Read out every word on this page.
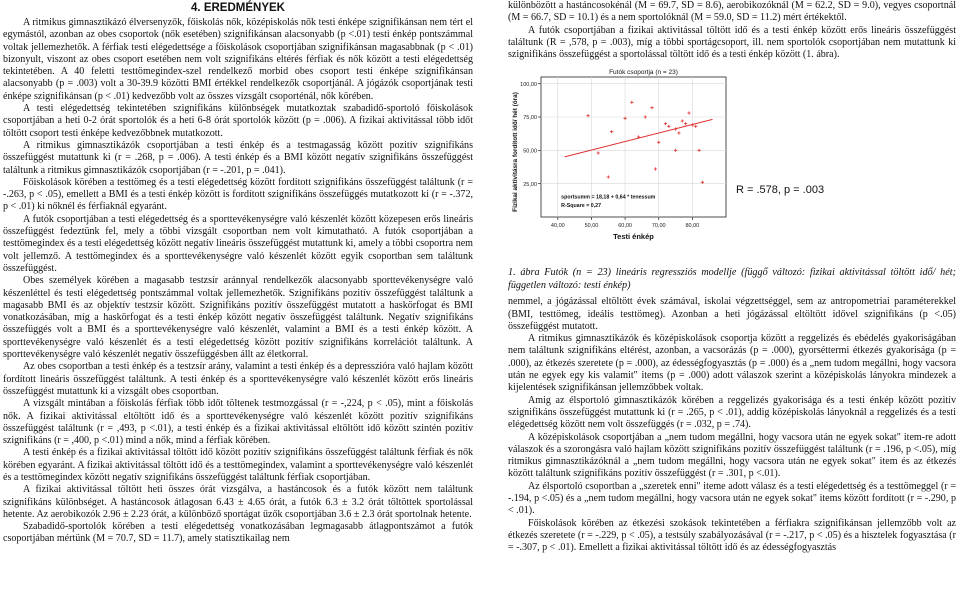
4. EREDMÉNYEK

A ritmikus gimnasztikázó élversenyzők, főiskolás nők, középiskolás nők testi énképe szignifikánsan nem tért el egymástól, azonban az obes csoportok (nők esetében) szignifikánsan alacsonyabb (p <.01) testi énkép pontszámmal voltak jellemezhetők. A férfiak testi elégedettsége a főiskolások csoportjában szignifikánsan magasabbnak (p < .01) bizonyult, viszont az obes csoport esetében nem volt szignifikáns eltérés férfiak és nők között a testi elégedettség tekintetében. A 40 feletti testtömegindex-szel rendelkező morbid obes csoport testi énképe szignifikánsan alacsonyabb (p = .003) volt a 30-39.9 közötti BMI értékkel rendelkezők csoportjánál. A jógázók csoportjának testi énképe szignifikánsan (p < .01) kedvezőbb volt az összes vizsgált csoporténál, nők körében.

A testi elégedettség tekintetében szignifikáns különbségek mutatkoztak szabadidő-sportoló főiskolások csoportjában a heti 0-2 órát sportolók és a heti 6-8 órát sportolók között (p = .006). A fizikai aktivitással több időt töltött csoport testi énképe kedvezőbbnek mutatkozott.

A ritmikus gimnasztikázók csoportjában a testi énkép és a testmagasság között pozitív szignifikáns összefüggést mutattunk ki (r = .268, p = .006). A testi énkép és a BMI között negatív szignifikáns összefüggést találtunk a ritmikus gimnasztikázók csoportjában (r = -.201, p = .041).

Főiskolások körében a testtömeg és a testi elégedettség között fordított szignifikáns összefüggést találtunk (r = -.263, p < .05), emellett a BMI és a testi énkép között is fordított szignifikáns összefüggés mutatkozott ki (r = -.372, p < .01) ki nőknél és férfiaknál egyaránt.

A futók csoportjában a testi elégedettség és a sporttevékenységre való készenlét között közepesen erős lineáris összefüggést fedeztünk fel, mely a többi vizsgált csoportban nem volt kimutatható. A futók csoportjában a testtömegindex és a testi elégedettség között negatív lineáris összefüggést mutattunk ki, amely a többi csoportra nem volt jellemző. A testtömegindex és a sporttevékenységre való készenlét között egyik csoportban sem találtunk összefüggést.

Obes személyek körében a magasabb testzsír aránnyal rendelkezők alacsonyabb sporttevékenységre való készenléttel és testi elégedettség pontszámmal voltak jellemezhetők. Szignifikáns pozitív összefüggést találtunk a magasabb BMI és az objektív testzsír között. Szignifikáns pozitív összefüggést mutatott a haskörfogat és BMI vonatkozásában, míg a haskörfogat és a testi énkép között negatív összefüggést találtunk. Negatív szignifikáns összefüggés volt a BMI és a sporttevékenységre való készenlét, valamint a BMI és a testi énkép között. A sporttevékenységre való készenlét és a testi elégedettség között pozitív szignifikáns korrelációt találtunk. A sporttevékenységre való készenlét negatív összefüggésben állt az életkorral.

Az obes csoportban a testi énkép és a testzsír arány, valamint a testi énkép és a depresszióra való hajlam között fordított lineáris összefüggést találtunk. A testi énkép és a sporttevékenységre való készenlét között erős lineáris összefüggést mutattunk ki a vizsgált obes csoportban.

A vizsgált mintában a főiskolás férfiak több időt töltenek testmozgással (r = -,224, p < .05), mint a főiskolás nők. A fizikai aktivitással eltöltött idő és a sporttevékenységre való készenlét között pozitív szignifikáns összefüggést találtunk (r = ,493, p <.01), a testi énkép és a fizikai aktivitással eltöltött idő között szintén pozitív szignifikáns (r = ,400, p <.01) mind a nők, mind a férfiak körében.

A testi énkép és a fizikai aktivitással töltött idő között pozitív szignifikáns összefüggést találtunk férfiak és nők körében egyaránt. A fizikai aktivitással töltött idő és a testtömegindex, valamint a sporttevékenységre való készenlét és a testtömegindex között negatív szignifikáns összefüggést találtunk férfiak csoportjában.

A fizikai aktivitással töltött heti összes órát vizsgálva, a hastáncosok és a futók között nem találtunk szignifikáns különbséget. A hastáncosok átlagosan 6.43 ± 4.65 órát, a futók 6.3 ± 3.2 órát töltöttek sportolással hetente. Az aerobikozók 2.96 ± 2.23 órát, a különböző sportágat űzők csoportjában 3.6 ± 2.3 órát sportolnak hetente.

Szabadidő-sportolók körében a testi elégedettség vonatkozásában legmagasabb átlagpontszámot a futók csoportjában mértünk (M = 70.7, SD = 11.7), amely statisztikailag nem

különbözött a hastáncosokénál (M = 69.7, SD = 8.6), aerobikozóknál (M = 62.2, SD = 9.0), vegyes csoportnál (M = 66.7, SD = 10.1) és a nem sportolóknál (M = 59.0, SD = 11.2) mért értékektől.

A futók csoportjában a fizikai aktivitással töltött idő és a testi énkép között erős lineáris összefüggést találtunk (R = ,578, p = .003), míg a többi sportágcsoport, ill. nem sportolók csoportjában nem mutattunk ki szignifikáns összefüggést a sportolással töltött idő és a testi énkép között (1. ábra).

25,00
50,00
75,00
100,00
40,00	50,00	60,00	70,00	80,00
Futók csoportja (n = 23)
Testi énkép
Fizikai aktivitásra fordított idő/ hét (óra)	sportsumm = 18,18 + 0,64 * tenessum
R-Square = 0,27
R = .578, p = .003
1. ábra Futók (n = 23) lineáris regressziós modellje (függő változó: fizikai aktivitással töltött idő/ hét; független változó: testi énkép)

nemmel, a jógázással eltöltött évek számával, iskolai végzettséggel, sem az antropometriai paraméterekkel (BMI, testtömeg, ideális testtömeg). Azonban a heti jógázással eltöltött idővel szignifikáns (p <.05) összefüggést mutatott.

A ritmikus gimnasztikázók és középiskolások csoportja között a reggelizés és ebédelés gyakoriságában nem találtunk szignifikáns eltérést, azonban, a vacsorázás (p = .000), gyorséttermi étkezés gyakorisága (p = .000), az étkezés szeretete (p = .000), az édességfogyasztás (p = .000) és a „nem tudom megállni, hogy vacsora után ne egyek egy kis valamit" items (p = .000) adott válaszok szerint a középiskolás lányokra mindezek a kijelentések szignifikánsan jellemzőbbek voltak.

Amig az élsportoló gimnasztikázók körében a reggelizés gyakorisága és a testi énkép között pozitív szignifikáns összefüggést mutattunk ki (r = .265, p < .01), addig középiskolás lányoknál a reggelizés és a testi elégedettség között nem volt összefüggés (r = .032, p = .74).

A középiskolások csoportjában a „nem tudom megállni, hogy vacsora után ne egyek sokat" item-re adott válaszok és a szorongásra való hajlam között szignifikáns pozitív összefüggést találtunk (r = .196, p <.05), míg ritmikus gimnasztikázóknál a „nem tudom megállni, hogy vacsora után ne egyek sokat" item és az étkezés között találtunk szignifikáns pozitív összefüggést (r = .301, p <.01).

Az élsportoló csoportban a „szeretek enni" iteme adott válasz és a testi elégedettség és a testtömeggel (r = -.194, p <.05) és a „nem tudom megállni, hogy vacsora után ne egyek sokat" items között fordított (r = -.290, p < .01).

Főiskolások körében az étkezési szokások tekintetében a férfiakra szignifikánsan jellemzőbb volt az étkezés szeretete (r = -.229, p < .05), a testsúly szabályozásával (r = -.217, p < .05) és a hisztelek fogyasztása (r = -.307, p < .01). Emellett a fizikai aktivitással töltött idő és az édességfogyasztás
